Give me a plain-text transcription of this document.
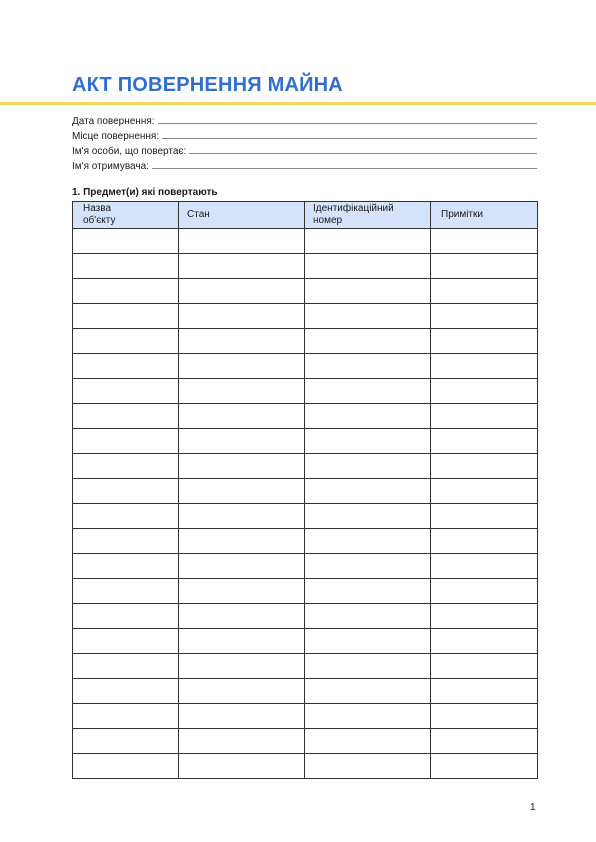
АКТ ПОВЕРНЕННЯ МАЙНА
Дата повернення:
Місце повернення:
Ім'я особи, що повертає:
Ім'я отримувача:
1. Предмет(и) які повертають
Назва об'єкту	Стан	Ідентифікаційний номер	Примітки

1
